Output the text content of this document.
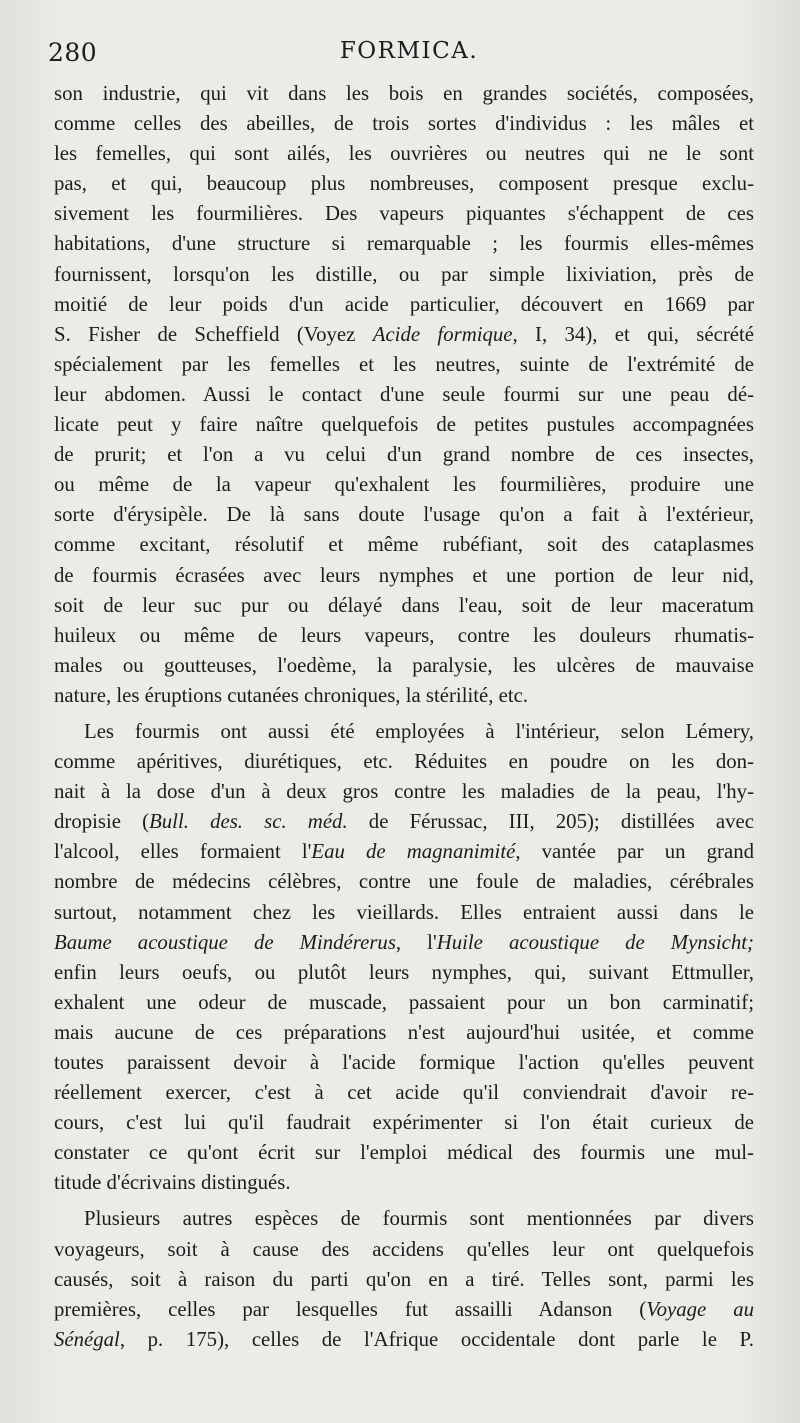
280	FORMICA.
son industrie, qui vit dans les bois en grandes sociétés, composées,
comme celles des abeilles, de trois sortes d'individus : les mâles et
les femelles, qui sont ailés, les ouvrières ou neutres qui ne le sont
pas, et qui, beaucoup plus nombreuses, composent presque exclu-
sivement les fourmilières. Des vapeurs piquantes s'échappent de ces
habitations, d'une structure si remarquable ; les fourmis elles-mêmes
fournissent, lorsqu'on les distille, ou par simple lixiviation, près de
moitié de leur poids d'un acide particulier, découvert en 1669 par
S. Fisher de Scheffield (Voyez Acide formique, I, 34), et qui, sécrété
spécialement par les femelles et les neutres, suinte de l'extrémité de
leur abdomen. Aussi le contact d'une seule fourmi sur une peau dé-
licate peut y faire naître quelquefois de petites pustules accompagnées
de prurit; et l'on a vu celui d'un grand nombre de ces insectes,
ou même de la vapeur qu'exhalent les fourmilières, produire une
sorte d'érysipèle. De là sans doute l'usage qu'on a fait à l'extérieur,
comme excitant, résolutif et même rubéfiant, soit des cataplasmes
de fourmis écrasées avec leurs nymphes et une portion de leur nid,
soit de leur suc pur ou délayé dans l'eau, soit de leur maceratum
huileux ou même de leurs vapeurs, contre les douleurs rhumatis-
males ou goutteuses, l'oedème, la paralysie, les ulcères de mauvaise
nature, les éruptions cutanées chroniques, la stérilité, etc.
Les fourmis ont aussi été employées à l'intérieur, selon Lémery,
comme apéritives, diurétiques, etc. Réduites en poudre on les don-
nait à la dose d'un à deux gros contre les maladies de la peau, l'hy-
dropisie (Bull. des. sc. méd. de Férussac, III, 205); distillées avec
l'alcool, elles formaient l'Eau de magnanimité, vantée par un grand
nombre de médecins célèbres, contre une foule de maladies, cérébrales
surtout, notamment chez les vieillards. Elles entraient aussi dans le
Baume acoustique de Mindérerus, l'Huile acoustique de Mynsicht;
enfin leurs oeufs, ou plutôt leurs nymphes, qui, suivant Ettmuller,
exhalent une odeur de muscade, passaient pour un bon carminatif;
mais aucune de ces préparations n'est aujourd'hui usitée, et comme
toutes paraissent devoir à l'acide formique l'action qu'elles peuvent
réellement exercer, c'est à cet acide qu'il conviendrait d'avoir re-
cours, c'est lui qu'il faudrait expérimenter si l'on était curieux de
constater ce qu'ont écrit sur l'emploi médical des fourmis une mul-
titude d'écrivains distingués.
Plusieurs autres espèces de fourmis sont mentionnées par divers
voyageurs, soit à cause des accidens qu'elles leur ont quelquefois
causés, soit à raison du parti qu'on en a tiré. Telles sont, parmi les
premières, celles par lesquelles fut assailli Adanson (Voyage au
Sénégal, p. 175), celles de l'Afrique occidentale dont parle le P.
